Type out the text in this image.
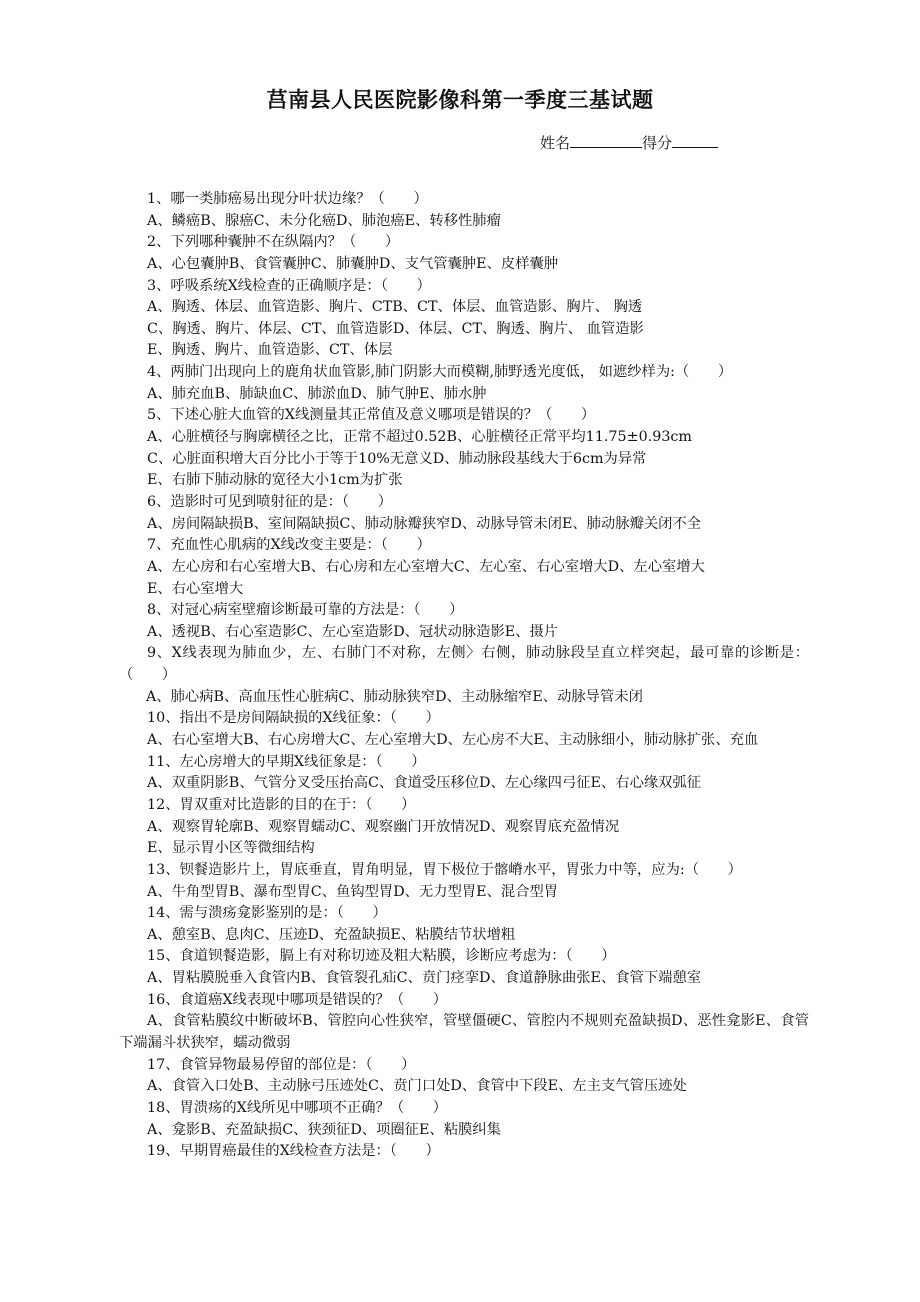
莒南县人民医院影像科第一季度三基试题
姓名	得分
1、哪一类肺癌易出现分叶状边缘？（　　）
A、鳞癌B、腺癌C、未分化癌D、肺泡癌E、转移性肺瘤
2、下列哪种囊肿不在纵隔内？（　　）
A、心包囊肿B、食管囊肿C、肺囊肿D、支气管囊肿E、皮样囊肿
3、呼吸系统X线检查的正确顺序是：（　　）
A、胸透、体层、血管造影、胸片、CTB、CT、体层、血管造影、胸片、 胸透
C、胸透、胸片、体层、CT、血管造影D、体层、CT、胸透、胸片、 血管造影
E、胸透、胸片、血管造影、CT、体层
4、两肺门出现向上的鹿角状血管影,肺门阴影大而模糊,肺野透光度低， 如遮纱样为:（　　）
A、肺充血B、肺缺血C、肺淤血D、肺气肿E、肺水肿
5、下述心脏大血管的X线测量其正常值及意义哪项是错误的？（　　）
A、心脏横径与胸廓横径之比，正常不超过0.52B、心脏横径正常平均11.75±0.93cm
C、心脏面积增大百分比小于等于10%无意义D、肺动脉段基线大于6cm为异常
E、右肺下肺动脉的宽径大小1cm为扩张
6、造影时可见到喷射征的是：（　　）
A、房间隔缺损B、室间隔缺损C、肺动脉瓣狭窄D、动脉导管未闭E、肺动脉瓣关闭不全
7、充血性心肌病的X线改变主要是：（　　）
A、左心房和右心室增大B、右心房和左心室增大C、左心室、右心室增大D、左心室增大
E、右心室增大
8、对冠心病室壁瘤诊断最可靠的方法是：（　　）
A、透视B、右心室造影C、左心室造影D、冠状动脉造影E、摄片
9、X线表现为肺血少，左、右肺门不对称，左侧〉右侧，肺动脉段呈直立样突起，最可靠的诊断是：（　　）
A、肺心病B、高血压性心脏病C、肺动脉狭窄D、主动脉缩窄E、动脉导管未闭
10、指出不是房间隔缺损的X线征象：（　　）
A、右心室增大B、右心房增大C、左心室增大D、左心房不大E、主动脉细小，肺动脉扩张、充血
11、左心房增大的早期X线征象是：（　　）
A、双重阴影B、气管分叉受压抬高C、食道受压移位D、左心缘四弓征E、右心缘双弧征
12、胃双重对比造影的目的在于：（　　）
A、观察胃轮廓B、观察胃蠕动C、观察幽门开放情况D、观察胃底充盈情况
E、显示胃小区等微细结构
13、钡餐造影片上，胃底垂直，胃角明显，胃下极位于髂嵴水平，胃张力中等，应为:（　　）
A、牛角型胃B、瀑布型胃C、鱼钩型胃D、无力型胃E、混合型胃
14、需与溃疡龛影鉴别的是：（　　）
A、憩室B、息肉C、压迹D、充盈缺损E、粘膜结节状增粗
15、食道钡餐造影，膈上有对称切迹及粗大粘膜，诊断应考虑为：（　　）
A、胃粘膜脱垂入食管内B、食管裂孔疝C、贲门痉挛D、食道静脉曲张E、食管下端憩室
16、食道癌X线表现中哪项是错误的？（　　）
A、食管粘膜纹中断破坏B、管腔向心性狭窄，管壁僵硬C、管腔内不规则充盈缺损D、恶性龛影E、食管下端漏斗状狭窄，蠕动微弱
17、食管异物最易停留的部位是：（　　）
A、食管入口处B、主动脉弓压迹处C、贲门口处D、食管中下段E、左主支气管压迹处
18、胃溃疡的X线所见中哪项不正确？（　　）
A、龛影B、充盈缺损C、狭颈征D、项圈征E、粘膜纠集
19、早期胃癌最佳的X线检查方法是：（　　）
